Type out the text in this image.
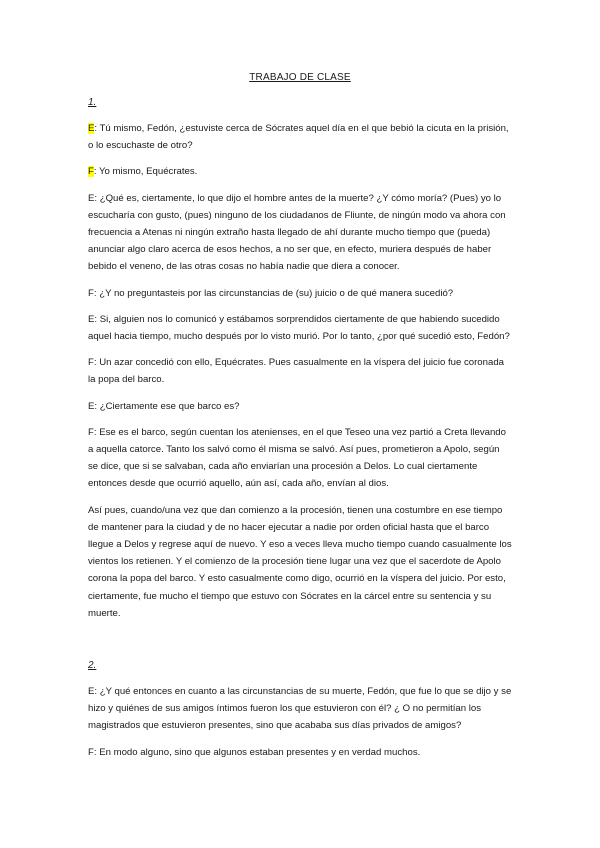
TRABAJO DE CLASE
1.

E: Tú mismo, Fedón, ¿estuviste cerca de Sócrates aquel día en el que bebió la cicuta en la prisión, o lo escuchaste de otro?

F: Yo mismo, Equécrates.

E: ¿Qué es, ciertamente, lo que dijo el hombre antes de la muerte? ¿Y cómo moría? (Pues) yo lo escucharía con gusto, (pues) ninguno de los ciudadanos de Fliunte, de ningún modo va ahora con frecuencia a Atenas ni ningún extraño hasta llegado de ahí durante mucho tiempo que (pueda) anunciar algo claro acerca de esos hechos, a no ser que, en efecto, muriera después de haber bebido el veneno, de las otras cosas no había nadie que diera a conocer.

F: ¿Y no preguntasteis por las circunstancias de (su) juicio o de qué manera sucedió?

E: Si, alguien nos lo comunicó y estábamos sorprendidos ciertamente de que habiendo sucedido aquel hacia tiempo, mucho después por lo visto murió. Por lo tanto, ¿por qué sucedió esto, Fedón?

F: Un azar concedió con ello, Equécrates. Pues casualmente en la víspera del juicio fue coronada la popa del barco.

E: ¿Ciertamente ese que barco es?

F: Ese es el barco, según cuentan los atenienses, en el que Teseo una vez partió a Creta llevando a aquella catorce. Tanto los salvó como él misma se salvó. Así pues, prometieron a Apolo, según se dice, que si se salvaban, cada año enviarían una procesión a Delos. Lo cual ciertamente entonces desde que ocurrió aquello, aún así, cada año, envían al dios.

Así pues, cuando/una vez que dan comienzo a la procesión, tienen una costumbre en ese tiempo de mantener para la ciudad y de no hacer ejecutar a nadie por orden oficial hasta que el barco llegue a Delos y regrese aquí de nuevo. Y eso a veces lleva mucho tiempo cuando casualmente los vientos los retienen. Y el comienzo de la procesión tiene lugar una vez que el sacerdote de Apolo corona la popa del barco. Y esto casualmente como digo, ocurrió en la víspera del juicio. Por esto, ciertamente, fue mucho el tiempo que estuvo con Sócrates en la cárcel entre su sentencia y su muerte.

2.

E: ¿Y qué entonces en cuanto a las circunstancias de su muerte, Fedón, que fue lo que se dijo y se hizo y quiénes de sus amigos íntimos fueron los que estuvieron con él? ¿ O no permitían los magistrados que estuvieron presentes, sino que acababa sus días privados de amigos?

F: En modo alguno, sino que algunos estaban presentes y en verdad muchos.
